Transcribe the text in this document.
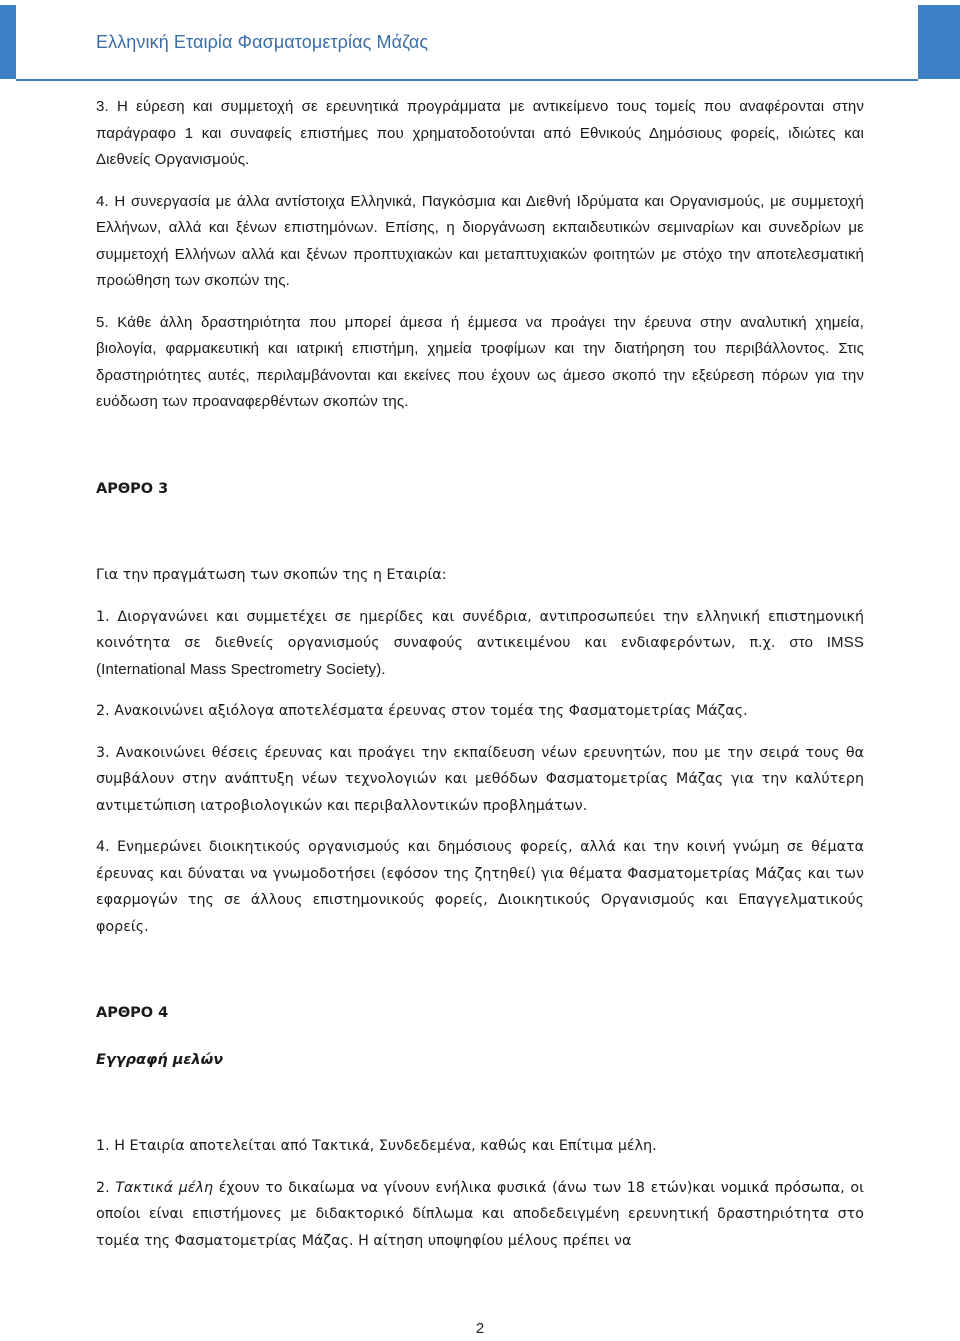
Ελληνική Εταιρία Φασματομετρίας Μάζας

3. Η εύρεση και συμμετοχή σε ερευνητικά προγράμματα με αντικείμενο τους τομείς που αναφέρονται στην παράγραφο 1 και συναφείς επιστήμες που χρηματοδοτούνται από Εθνικούς Δημόσιους φορείς, ιδιώτες και Διεθνείς Οργανισμούς.

4. Η συνεργασία με άλλα αντίστοιχα Ελληνικά, Παγκόσμια και Διεθνή Ιδρύματα και Οργανισμούς, με συμμετοχή Ελλήνων, αλλά και ξένων επιστημόνων. Επίσης, η διοργάνωση εκπαιδευτικών σεμιναρίων και συνεδρίων με συμμετοχή Ελλήνων αλλά και ξένων προπτυχιακών και μεταπτυχιακών φοιτητών με στόχο την αποτελεσματική προώθηση των σκοπών της.

5. Κάθε άλλη δραστηριότητα που μπορεί άμεσα ή έμμεσα να προάγει την έρευνα στην αναλυτική χημεία, βιολογία, φαρμακευτική και ιατρική επιστήμη, χημεία τροφίμων και την διατήρηση του περιβάλλοντος. Στις δραστηριότητες αυτές, περιλαμβάνονται και εκείνες που έχουν ως άμεσο σκοπό την εξεύρεση πόρων για την ευόδωση των προαναφερθέντων σκοπών της.

ΑΡΘΡΟ 3

Για την πραγμάτωση των σκοπών της η Εταιρία:

1. Διοργανώνει και συμμετέχει σε ημερίδες και συνέδρια, αντιπροσωπεύει την ελληνική επιστημονική κοινότητα σε διεθνείς οργανισμούς συναφούς αντικειμένου και ενδιαφερόντων, π.χ. στο IMSS (International Mass Spectrometry Society).

2. Ανακοινώνει αξιόλογα αποτελέσματα έρευνας στον τομέα της Φασματομετρίας Μάζας.

3. Ανακοινώνει θέσεις έρευνας και προάγει την εκπαίδευση νέων ερευνητών, που με την σειρά τους θα συμβάλουν στην ανάπτυξη νέων τεχνολογιών και μεθόδων Φασματομετρίας Μάζας για την καλύτερη αντιμετώπιση ιατροβιολογικών και περιβαλλοντικών προβλημάτων.

4. Ενημερώνει διοικητικούς οργανισμούς και δημόσιους φορείς, αλλά και την κοινή γνώμη σε θέματα έρευνας και δύναται να γνωμοδοτήσει (εφόσον της ζητηθεί) για θέματα Φασματομετρίας Μάζας και των εφαρμογών της σε άλλους επιστημονικούς φορείς, Διοικητικούς Οργανισμούς και Επαγγελματικούς φορείς.

ΑΡΘΡΟ 4
Εγγραφή μελών

1. Η Εταιρία αποτελείται από Τακτικά, Συνδεδεμένα, καθώς και Επίτιμα μέλη.

2. Τακτικά μέλη έχουν το δικαίωμα να γίνουν ενήλικα φυσικά (άνω των 18 ετών)και νομικά πρόσωπα, οι οποίοι είναι επιστήμονες με διδακτορικό δίπλωμα και αποδεδειγμένη ερευνητική δραστηριότητα στο τομέα της Φασματομετρίας Μάζας. Η αίτηση υποψηφίου μέλους πρέπει να

2
